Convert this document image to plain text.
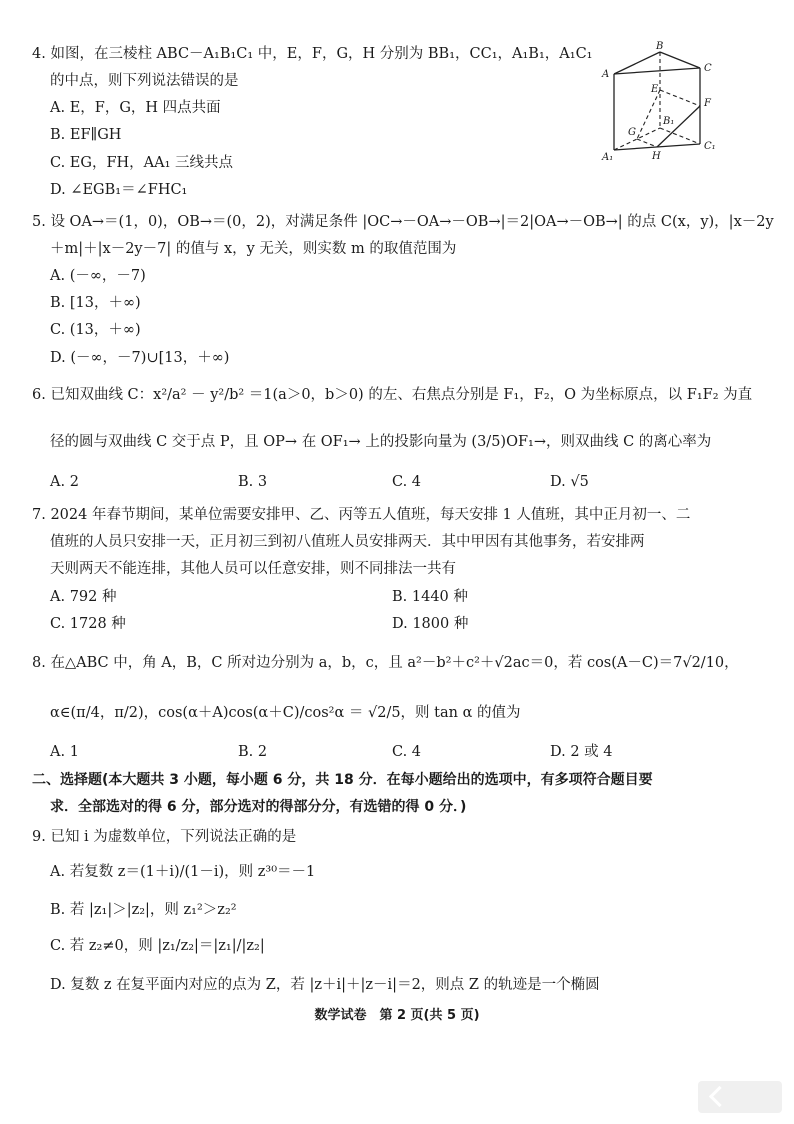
4. 如图，在三棱柱 ABC－A₁B₁C₁ 中，E，F，G，H 分别为 BB₁，CC₁，A₁B₁，A₁C₁
的中点，则下列说法错误的是
A. E，F，G，H 四点共面
B. EF∥GH
C. EG，FH，AA₁ 三线共点
D. ∠EGB₁＝∠FHC₁
A
B
C
A₁
B₁
C₁
E
F
G
H
5. 设 OA→＝(1，0)，OB→＝(0，2)，对满足条件 |OC→－OA→－OB→|＝2|OA→－OB→| 的点 C(x，y)，|x－2y
＋m|＋|x－2y－7| 的值与 x，y 无关，则实数 m 的取值范围为
A. (－∞，－7)
B. [13，＋∞)
C. (13，＋∞)
D. (－∞，－7)∪[13，＋∞)
6. 已知双曲线 C：x²/a² － y²/b² ＝1(a＞0，b＞0) 的左、右焦点分别是 F₁，F₂，O 为坐标原点，以 F₁F₂ 为直
径的圆与双曲线 C 交于点 P，且 OP→ 在 OF₁→ 上的投影向量为 (3/5)OF₁→，则双曲线 C 的离心率为
A. 2	B. 3	C. 4	D. √5
7. 2024 年春节期间，某单位需要安排甲、乙、丙等五人值班，每天安排 1 人值班，其中正月初一、二
值班的人员只安排一天，正月初三到初八值班人员安排两天．其中甲因有其他事务，若安排两
天则两天不能连排，其他人员可以任意安排，则不同排法一共有
A. 792 种	B. 1440 种
C. 1728 种	D. 1800 种
8. 在△ABC 中，角 A，B，C 所对边分别为 a，b，c，且 a²－b²＋c²＋√2ac＝0，若 cos(A－C)＝7√2/10，
α∈(π/4，π/2)，cos(α＋A)cos(α＋C)/cos²α ＝ √2/5，则 tan α 的值为
A. 1	B. 2	C. 4	D. 2 或 4
二、选择题(本大题共 3 小题，每小题 6 分，共 18 分．在每小题给出的选项中，有多项符合题目要
求．全部选对的得 6 分，部分选对的得部分分，有选错的得 0 分．)
9. 已知 i 为虚数单位，下列说法正确的是
A. 若复数 z＝(1＋i)/(1－i)，则 z³⁰＝－1
B. 若 |z₁|＞|z₂|，则 z₁²＞z₂²
C. 若 z₂≠0，则 |z₁/z₂|＝|z₁|/|z₂|
D. 复数 z 在复平面内对应的点为 Z，若 |z＋i|＋|z－i|＝2，则点 Z 的轨迹是一个椭圆
数学试卷　第 2 页(共 5 页)
